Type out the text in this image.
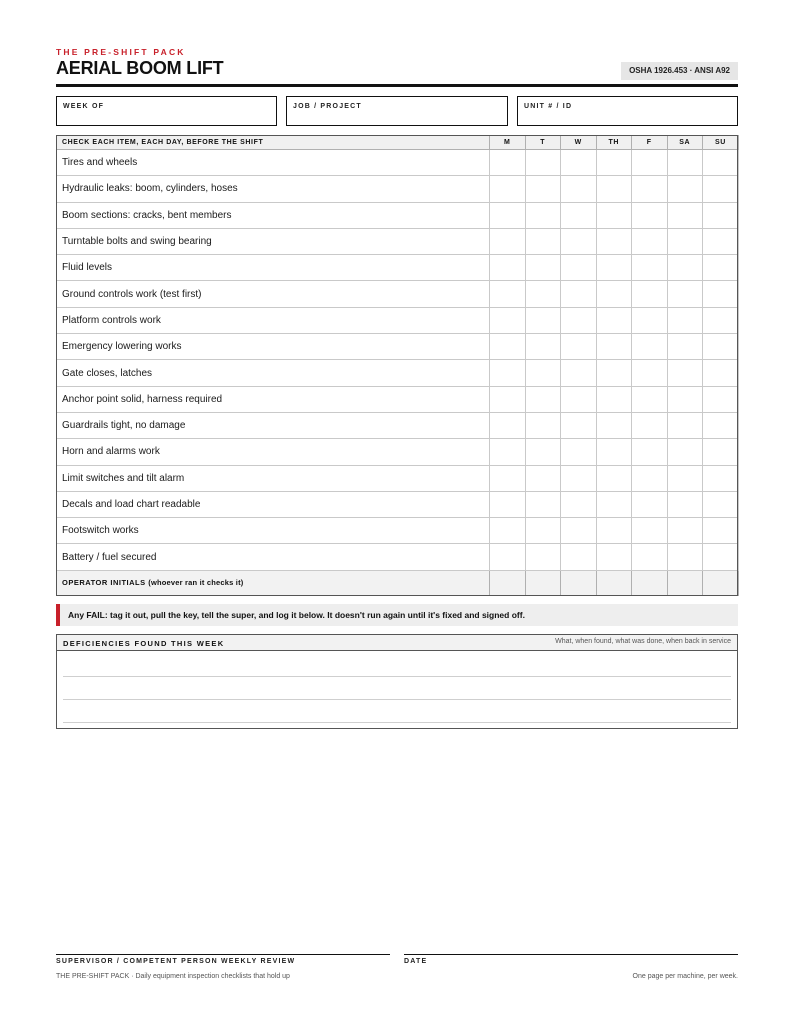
THE PRE-SHIFT PACK
AERIAL BOOM LIFT	OSHA 1926.453 · ANSI A92
WEEK OF	JOB / PROJECT	UNIT # / ID
CHECK EACH ITEM, EACH DAY, BEFORE THE SHIFT	M	T	W	TH	F	SA	SU
Tires and wheels							
Hydraulic leaks: boom, cylinders, hoses							
Boom sections: cracks, bent members							
Turntable bolts and swing bearing							
Fluid levels							
Ground controls work (test first)							
Platform controls work							
Emergency lowering works							
Gate closes, latches							
Anchor point solid, harness required							
Guardrails tight, no damage							
Horn and alarms work							
Limit switches and tilt alarm							
Decals and load chart readable							
Footswitch works							
Battery / fuel secured							
OPERATOR INITIALS (whoever ran it checks it)							
Any FAIL: tag it out, pull the key, tell the super, and log it below. It doesn't run again until it's fixed and signed off.
DEFICIENCIES FOUND THIS WEEK	What, when found, what was done, when back in service
SUPERVISOR / COMPETENT PERSON WEEKLY REVIEW	DATE
THE PRE-SHIFT PACK · Daily equipment inspection checklists that hold up	One page per machine, per week.
